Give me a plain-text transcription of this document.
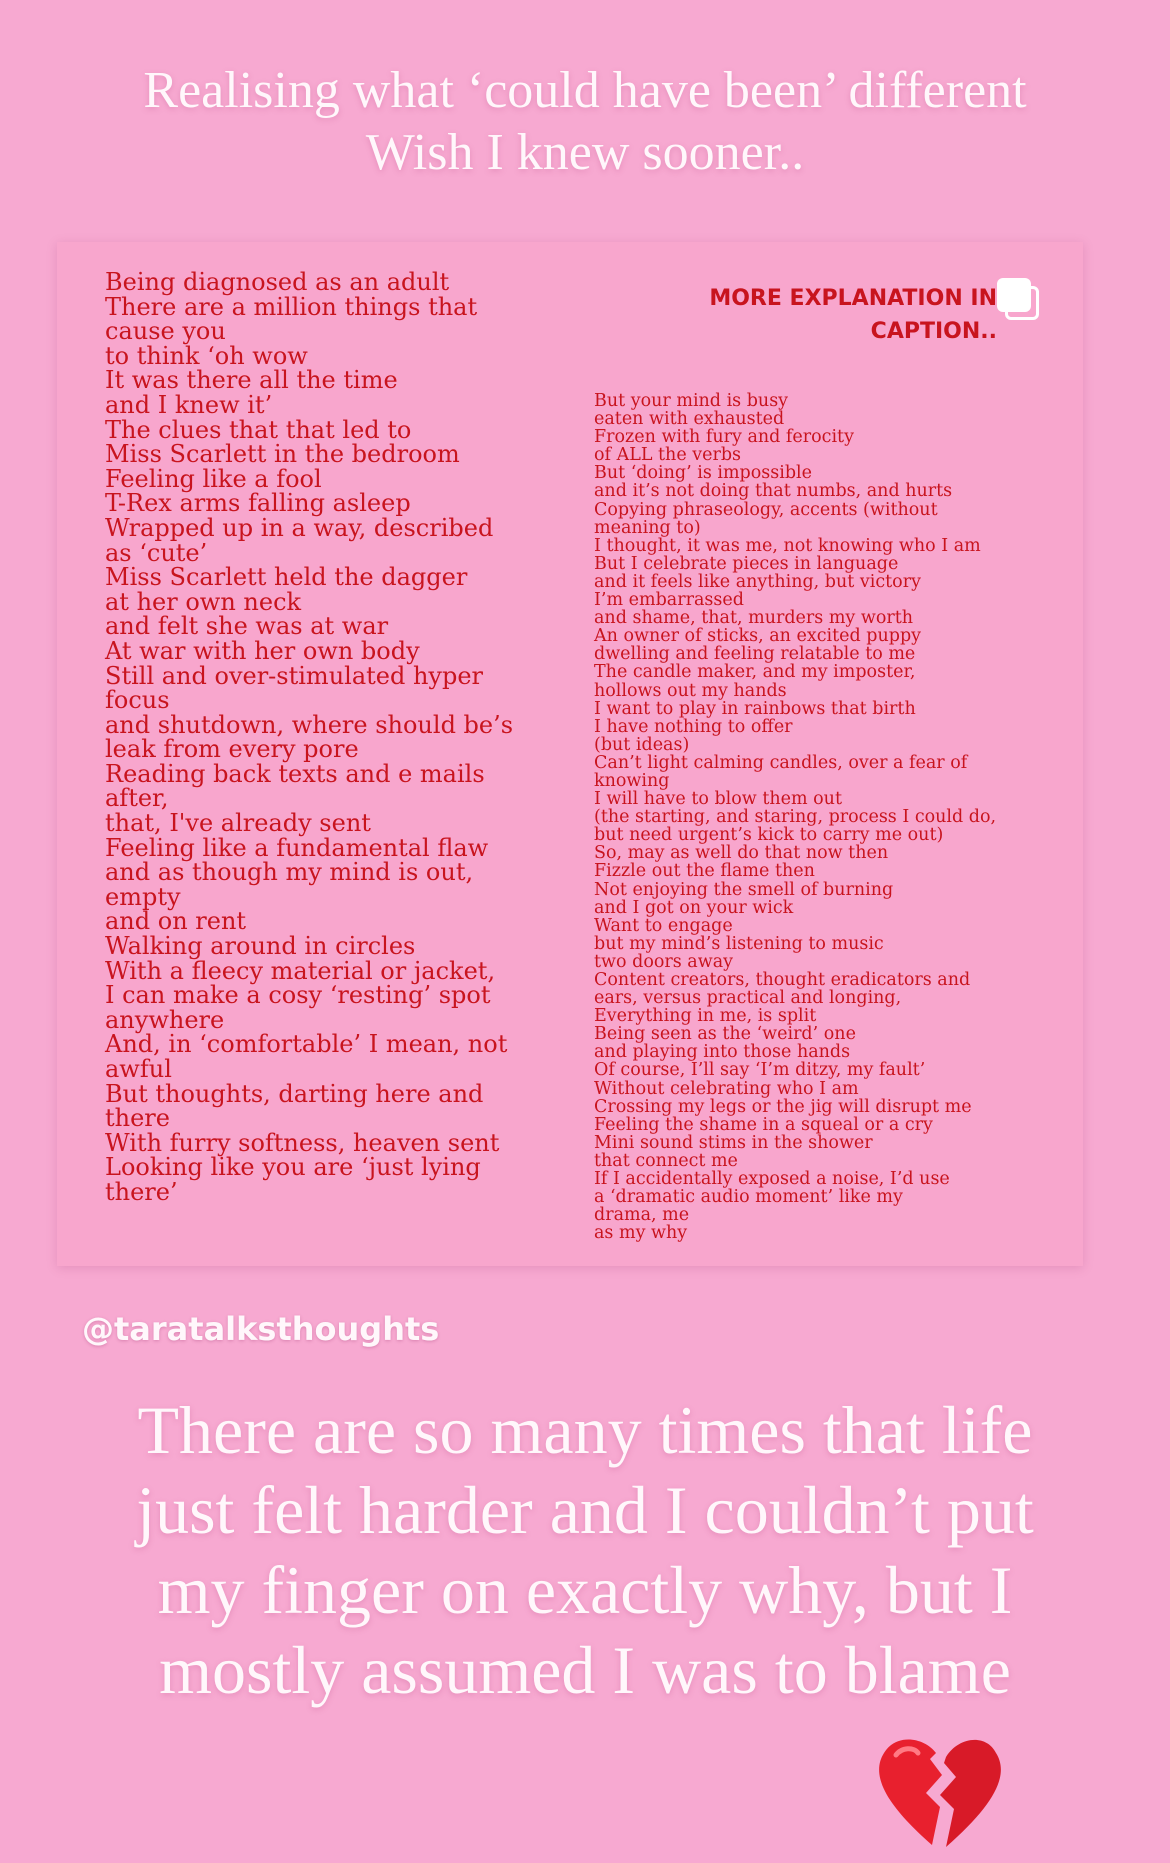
Realising what ‘could have been’ different
Wish I knew sooner..
Being diagnosed as an adult
There are a million things that
cause you
to think ‘oh wow
It was there all the time
and I knew it’
The clues that that led to
Miss Scarlett in the bedroom
Feeling like a fool
T-Rex arms falling asleep
Wrapped up in a way, described
as ‘cute’
Miss Scarlett held the dagger
at her own neck
and felt she was at war
At war with her own body
Still and over-stimulated hyper
focus
and shutdown, where should be’s
leak from every pore
Reading back texts and e mails
after,
that, I've already sent
Feeling like a fundamental flaw
and as though my mind is out,
empty
and on rent
Walking around in circles
With a fleecy material or jacket,
I can make a cosy ‘resting’ spot
anywhere
And, in ‘comfortable’ I mean, not
awful
But thoughts, darting here and
there
With furry softness, heaven sent
Looking like you are ‘just lying
there’
MORE EXPLANATION IN
CAPTION..
But your mind is busy
eaten with exhausted
Frozen with fury and ferocity
of ALL the verbs
But ‘doing’ is impossible
and it’s not doing that numbs, and hurts
Copying phraseology, accents (without
meaning to)
I thought, it was me, not knowing who I am
But I celebrate pieces in language
and it feels like anything, but victory
I’m embarrassed
and shame, that, murders my worth
An owner of sticks, an excited puppy
dwelling and feeling relatable to me
The candle maker, and my imposter,
hollows out my hands
I want to play in rainbows that birth
I have nothing to offer
(but ideas)
Can’t light calming candles, over a fear of
knowing
I will have to blow them out
(the starting, and staring, process I could do,
but need urgent’s kick to carry me out)
So, may as well do that now then
Fizzle out the flame then
Not enjoying the smell of burning
and I got on your wick
Want to engage
but my mind’s listening to music
two doors away
Content creators, thought eradicators and
ears, versus practical and longing,
Everything in me, is split
Being seen as the ‘weird’ one
and playing into those hands
Of course, I’ll say ‘I’m ditzy, my fault’
Without celebrating who I am
Crossing my legs or the jig will disrupt me
Feeling the shame in a squeal or a cry
Mini sound stims in the shower
that connect me
If I accidentally exposed a noise, I’d use
a ‘dramatic audio moment’ like my
drama, me
as my why
@taratalksthoughts
There are so many times that life
just felt harder and I couldn’t put
my finger on exactly why, but I
mostly assumed I was to blame
